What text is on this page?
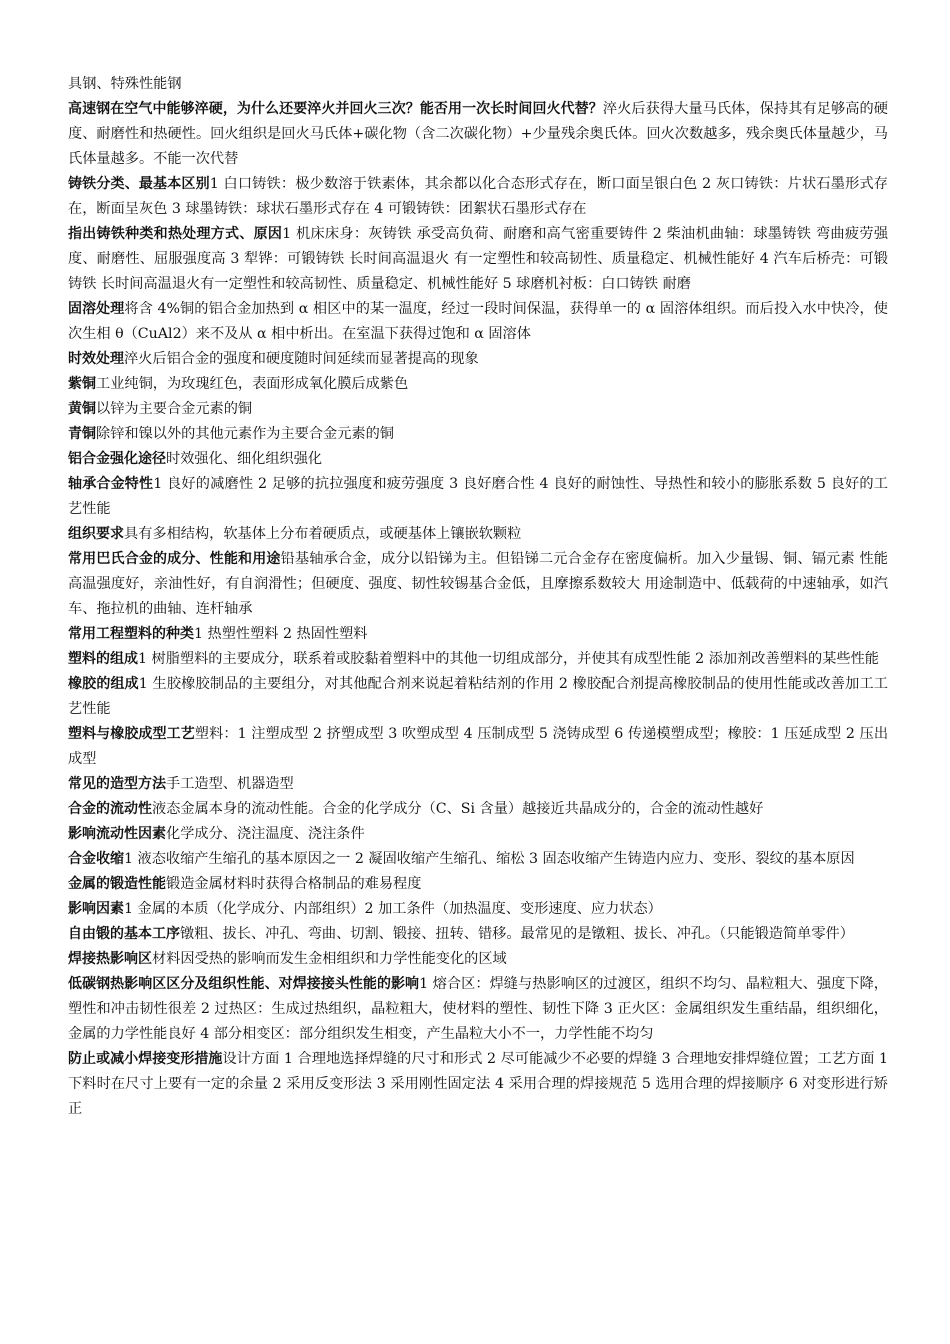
具钢、特殊性能钢

高速钢在空气中能够淬硬，为什么还要淬火并回火三次？能否用一次长时间回火代替？淬火后获得大量马氏体，保持其有足够高的硬度、耐磨性和热硬性。回火组织是回火马氏体+碳化物（含二次碳化物）+少量残余奥氏体。回火次数越多，残余奥氏体量越少，马氏体量越多。不能一次代替

铸铁分类、最基本区别1 白口铸铁：极少数溶于铁素体，其余都以化合态形式存在，断口面呈银白色 2 灰口铸铁：片状石墨形式存在，断面呈灰色 3 球墨铸铁：球状石墨形式存在 4 可锻铸铁：团絮状石墨形式存在

指出铸铁种类和热处理方式、原因1 机床床身：灰铸铁 承受高负荷、耐磨和高气密重要铸件 2 柴油机曲轴：球墨铸铁 弯曲疲劳强度、耐磨性、屈服强度高 3 犁铧：可锻铸铁 长时间高温退火 有一定塑性和较高韧性、质量稳定、机械性能好 4 汽车后桥壳：可锻铸铁 长时间高温退火有一定塑性和较高韧性、质量稳定、机械性能好 5 球磨机衬板：白口铸铁 耐磨

固溶处理将含 4%铜的铝合金加热到 α 相区中的某一温度，经过一段时间保温，获得单一的 α 固溶体组织。而后投入水中快冷，使次生相 θ（CuAl2）来不及从 α 相中析出。在室温下获得过饱和 α 固溶体

时效处理淬火后铝合金的强度和硬度随时间延续而显著提高的现象

紫铜工业纯铜，为玫瑰红色，表面形成氧化膜后成紫色

黄铜以锌为主要合金元素的铜

青铜除锌和镍以外的其他元素作为主要合金元素的铜

铝合金强化途径时效强化、细化组织强化

轴承合金特性1 良好的减磨性 2 足够的抗拉强度和疲劳强度 3 良好磨合性 4 良好的耐蚀性、导热性和较小的膨胀系数 5 良好的工艺性能

组织要求具有多相结构，软基体上分布着硬质点，或硬基体上镶嵌软颗粒

常用巴氏合金的成分、性能和用途铅基轴承合金，成分以铅锑为主。但铅锑二元合金存在密度偏析。加入少量锡、铜、镉元素 性能高温强度好，亲油性好，有自润滑性；但硬度、强度、韧性较锡基合金低，且摩擦系数较大 用途制造中、低载荷的中速轴承，如汽车、拖拉机的曲轴、连杆轴承

常用工程塑料的种类1 热塑性塑料 2 热固性塑料

塑料的组成1 树脂塑料的主要成分，联系着或胶黏着塑料中的其他一切组成部分，并使其有成型性能 2 添加剂改善塑料的某些性能

橡胶的组成1 生胶橡胶制品的主要组分，对其他配合剂来说起着粘结剂的作用 2 橡胶配合剂提高橡胶制品的使用性能或改善加工工艺性能

塑料与橡胶成型工艺塑料：1 注塑成型 2 挤塑成型 3 吹塑成型 4 压制成型 5 浇铸成型 6 传递模塑成型；橡胶：1 压延成型 2 压出成型

常见的造型方法手工造型、机器造型

合金的流动性液态金属本身的流动性能。合金的化学成分（C、Si 含量）越接近共晶成分的，合金的流动性越好

影响流动性因素化学成分、浇注温度、浇注条件

合金收缩1 液态收缩产生缩孔的基本原因之一 2 凝固收缩产生缩孔、缩松 3 固态收缩产生铸造内应力、变形、裂纹的基本原因

金属的锻造性能锻造金属材料时获得合格制品的难易程度

影响因素1 金属的本质（化学成分、内部组织）2 加工条件（加热温度、变形速度、应力状态）

自由锻的基本工序镦粗、拔长、冲孔、弯曲、切割、锻接、扭转、错移。最常见的是镦粗、拔长、冲孔。（只能锻造简单零件）

焊接热影响区材料因受热的影响而发生金相组织和力学性能变化的区域

低碳钢热影响区区分及组织性能、对焊接接头性能的影响1 熔合区：焊缝与热影响区的过渡区，组织不均匀、晶粒粗大、强度下降，塑性和冲击韧性很差 2 过热区：生成过热组织，晶粒粗大，使材料的塑性、韧性下降 3 正火区：金属组织发生重结晶，组织细化，金属的力学性能良好 4 部分相变区：部分组织发生相变，产生晶粒大小不一，力学性能不均匀

防止或减小焊接变形措施设计方面 1 合理地选择焊缝的尺寸和形式 2 尽可能减少不必要的焊缝 3 合理地安排焊缝位置；工艺方面 1 下料时在尺寸上要有一定的余量 2 采用反变形法 3 采用刚性固定法 4 采用合理的焊接规范 5 选用合理的焊接顺序 6 对变形进行矫正
